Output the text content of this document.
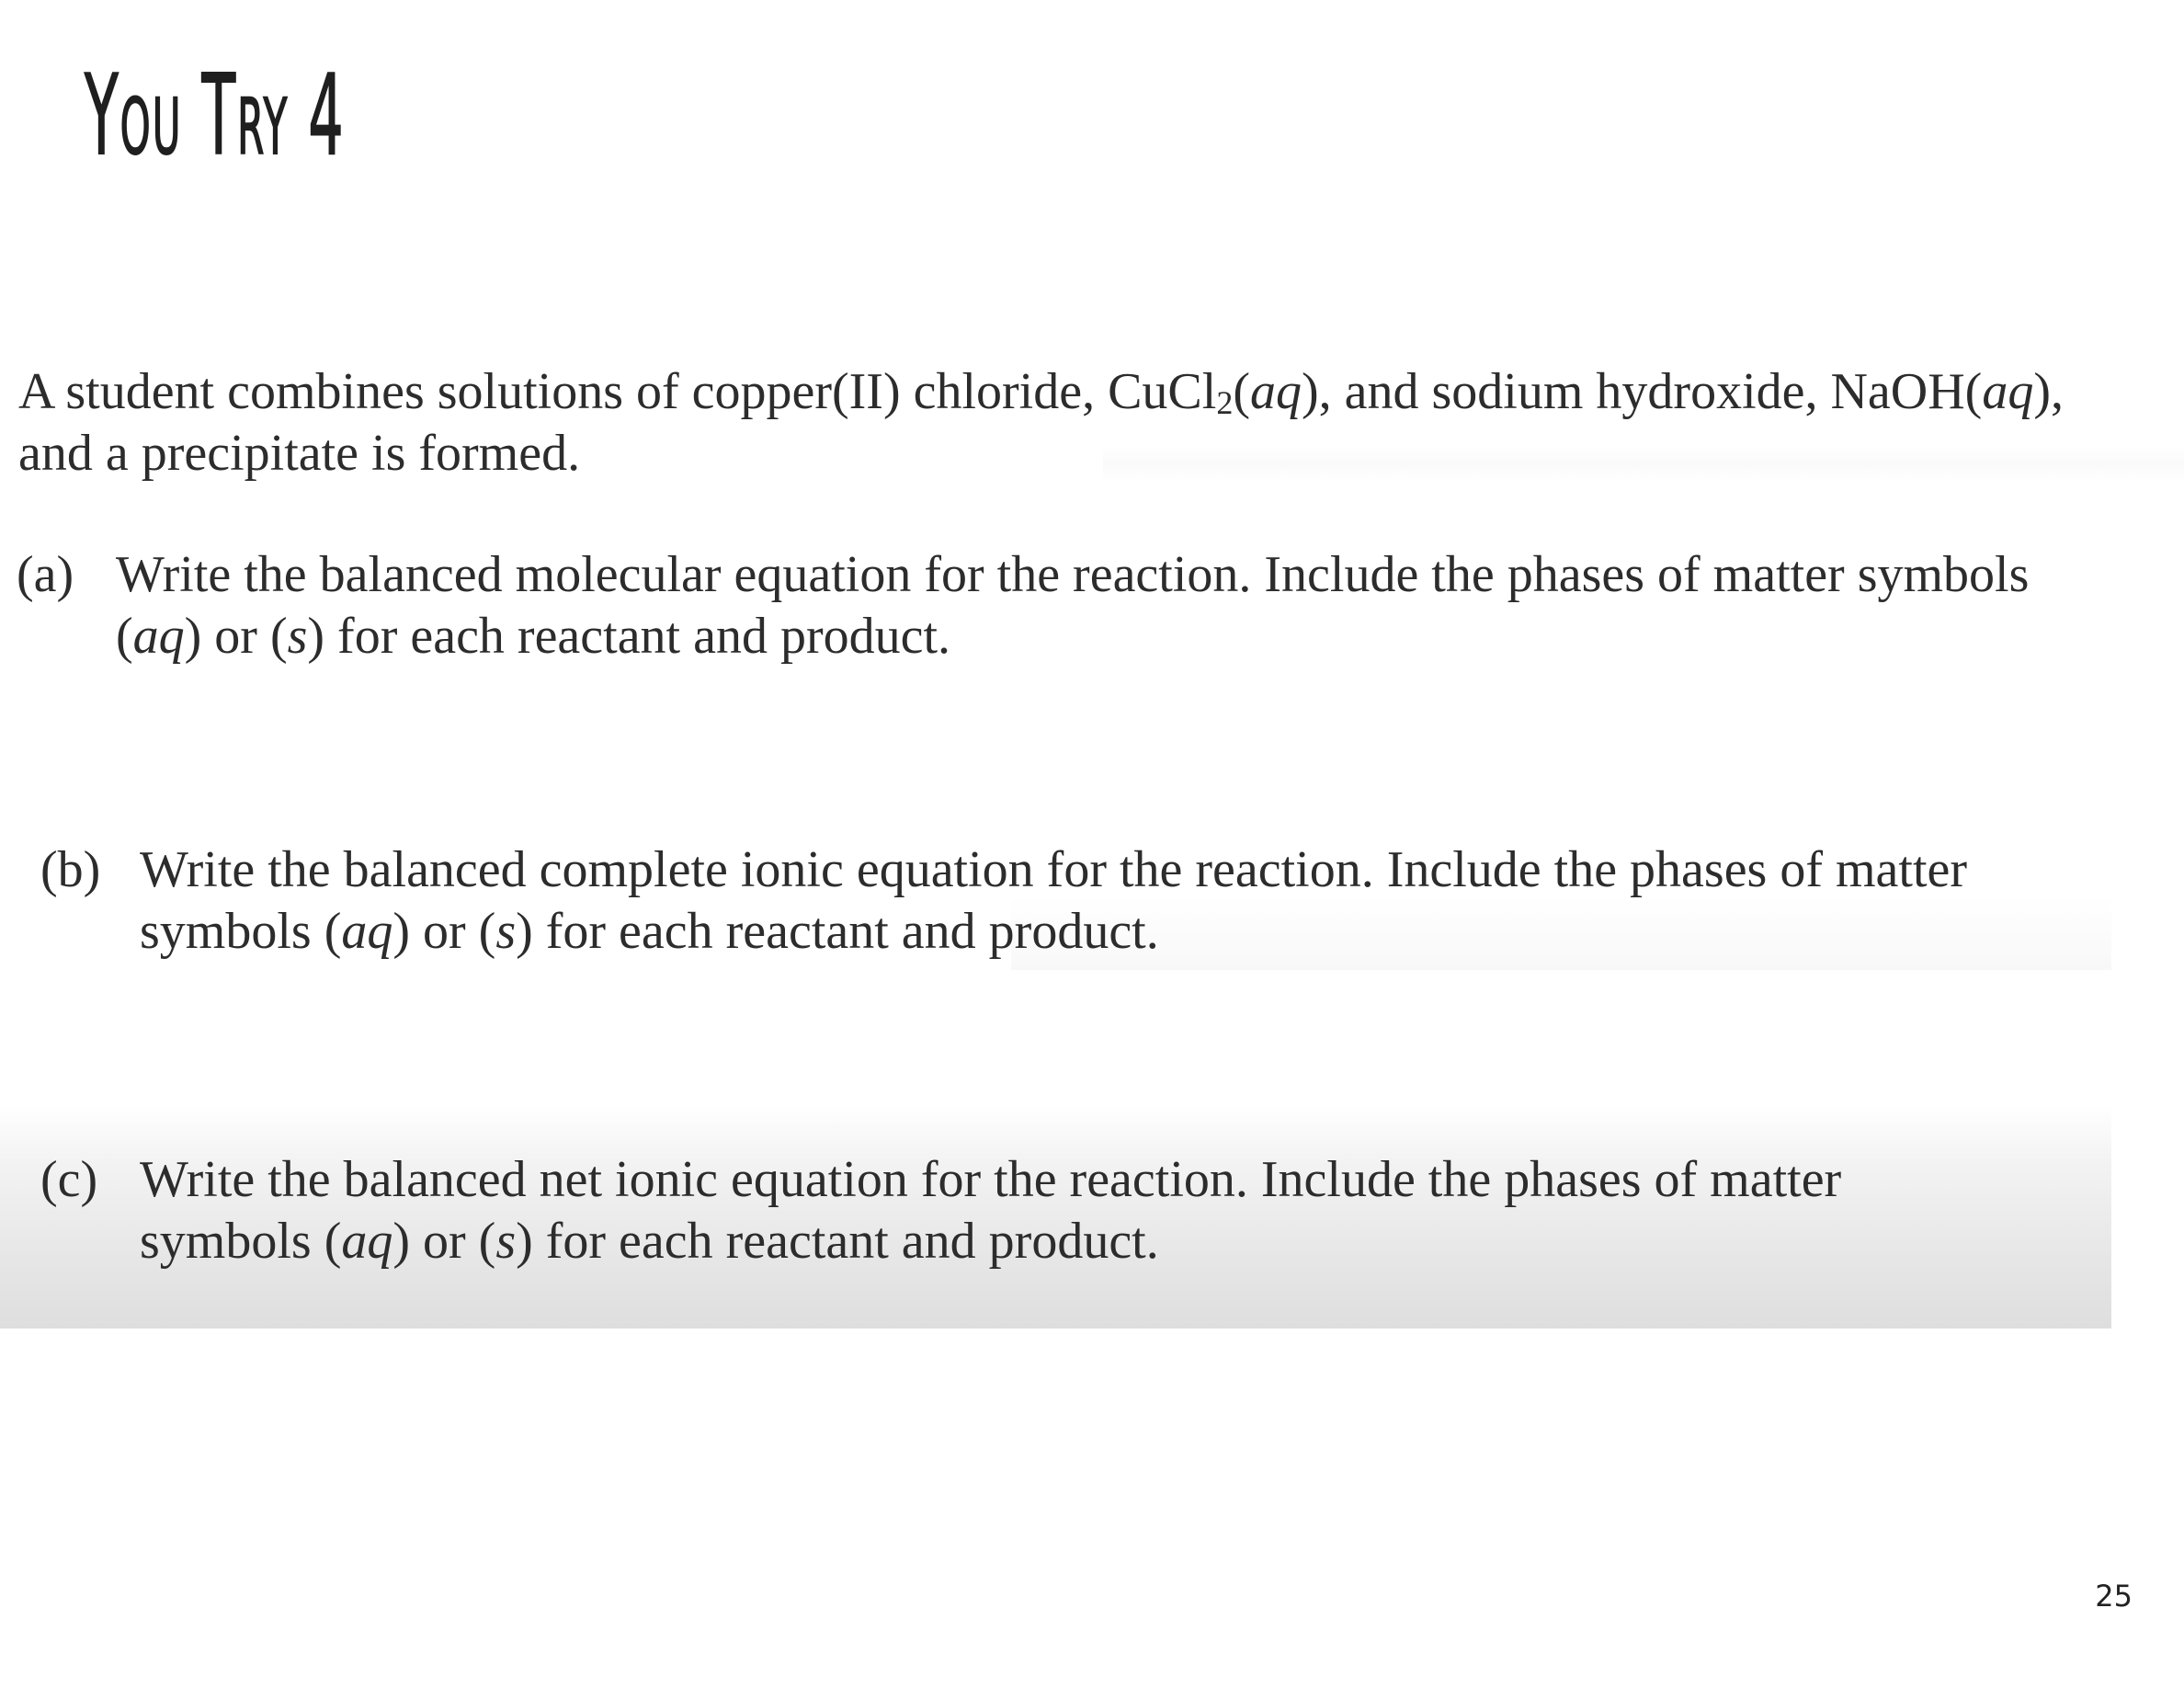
You Try 4
A student combines solutions of copper(II) chloride, CuCl$_2$(aq), and sodium hydroxide, NaOH(aq),
and a precipitate is formed.
(a) Write the balanced molecular equation for the reaction. Include the phases of matter symbols
(aq) or (s) for each reactant and product.
(b) Write the balanced complete ionic equation for the reaction. Include the phases of matter
symbols (aq) or (s) for each reactant and product.
(c) Write the balanced net ionic equation for the reaction. Include the phases of matter
symbols (aq) or (s) for each reactant and product.
25
